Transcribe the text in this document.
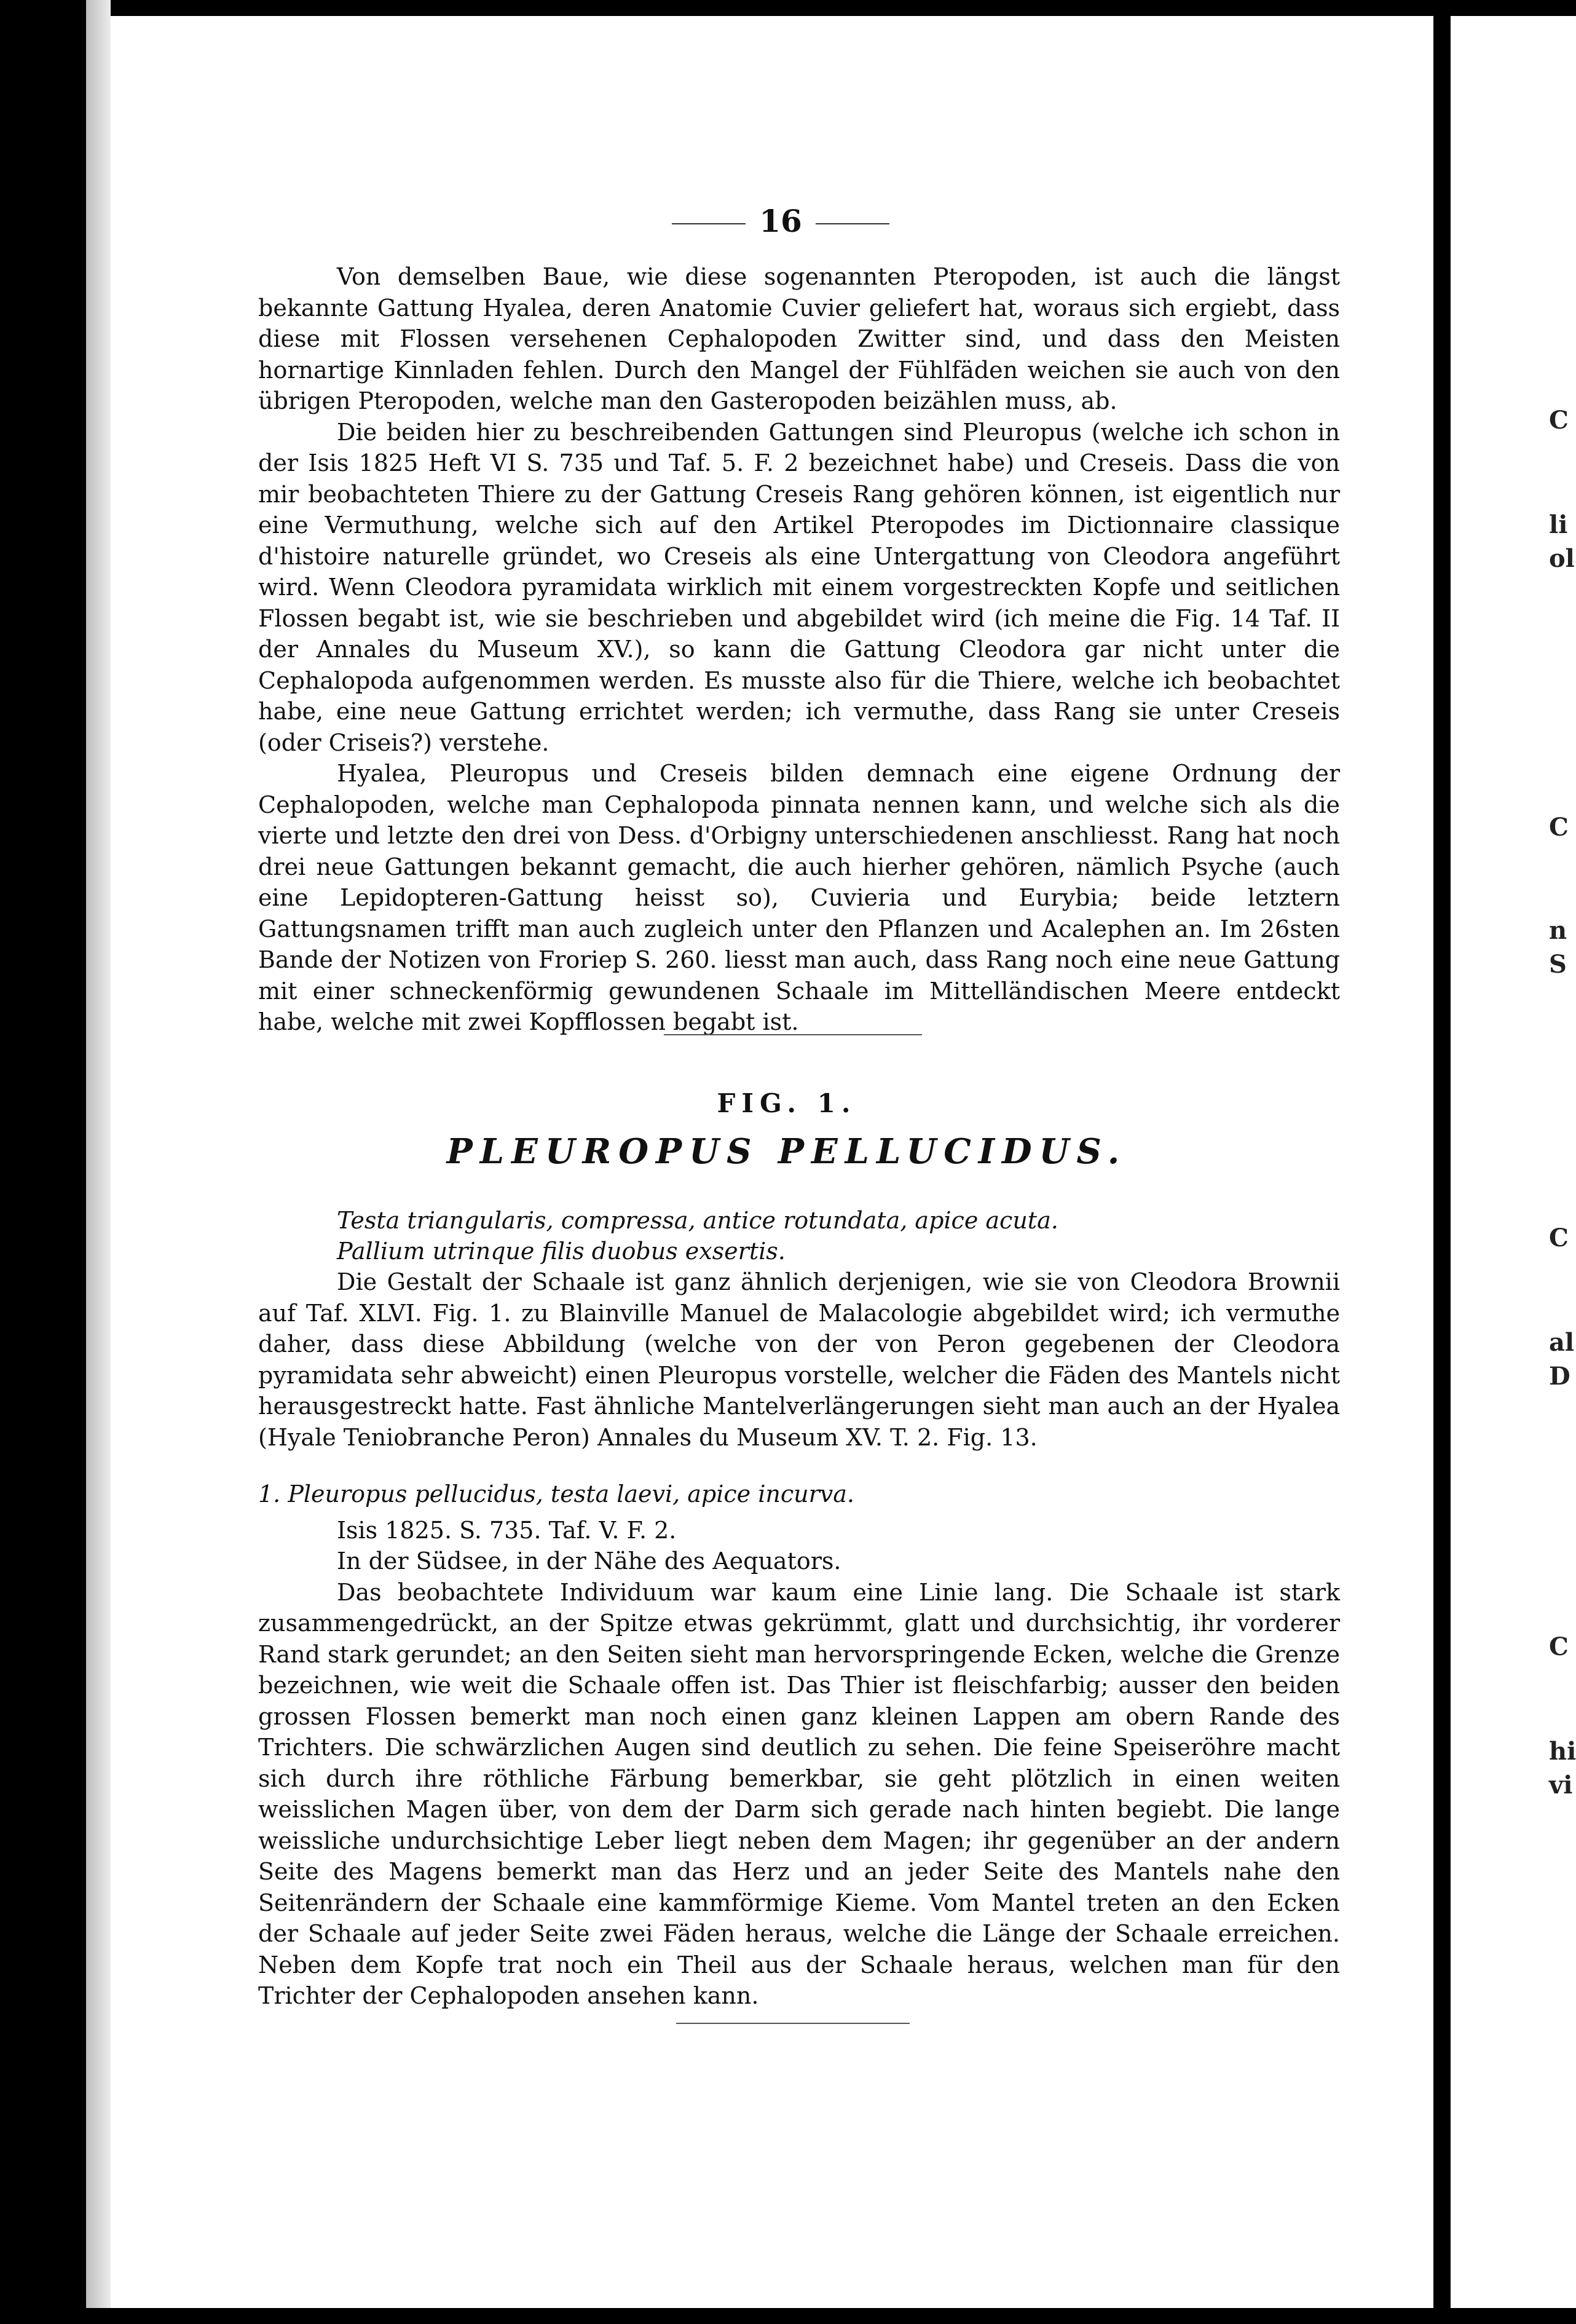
C
li
ol
C
n
S
C
al
D
C
hi
vi
16

Von demselben Baue, wie diese sogenannten Pteropoden, ist auch die längst bekannte Gattung Hyalea, deren Anatomie Cuvier geliefert hat, woraus sich ergiebt, dass diese mit Flossen versehenen Cephalopoden Zwitter sind, und dass den Meisten hornartige Kinnladen fehlen. Durch den Mangel der Fühlfäden weichen sie auch von den übrigen Pteropoden, welche man den Gasteropoden beizählen muss, ab.

Die beiden hier zu beschreibenden Gattungen sind Pleuropus (welche ich schon in der Isis 1825 Heft VI S. 735 und Taf. 5. F. 2 bezeichnet habe) und Creseis. Dass die von mir beobachteten Thiere zu der Gattung Creseis Rang gehören können, ist eigentlich nur eine Vermuthung, welche sich auf den Artikel Pteropodes im Dictionnaire classique d'histoire naturelle gründet, wo Creseis als eine Untergattung von Cleodora angeführt wird. Wenn Cleodora pyramidata wirklich mit einem vorgestreckten Kopfe und seitlichen Flossen begabt ist, wie sie beschrieben und abgebildet wird (ich meine die Fig. 14 Taf. II der Annales du Museum XV.), so kann die Gattung Cleodora gar nicht unter die Cephalopoda aufgenommen werden. Es musste also für die Thiere, welche ich beobachtet habe, eine neue Gattung errichtet werden; ich vermuthe, dass Rang sie unter Creseis (oder Criseis?) verstehe.

Hyalea, Pleuropus und Creseis bilden demnach eine eigene Ordnung der Cephalopoden, welche man Cephalopoda pinnata nennen kann, und welche sich als die vierte und letzte den drei von Dess. d'Orbigny unterschiedenen anschliesst. Rang hat noch drei neue Gattungen bekannt gemacht, die auch hierher gehören, nämlich Psyche (auch eine Lepidopteren-Gattung heisst so), Cuvieria und Eurybia; beide letztern Gattungsnamen trifft man auch zugleich unter den Pflanzen und Acalephen an. Im 26sten Bande der Notizen von Froriep S. 260. liesst man auch, dass Rang noch eine neue Gattung mit einer schneckenförmig gewundenen Schaale im Mittelländischen Meere entdeckt habe, welche mit zwei Kopfflossen begabt ist.

FIG. 1.
PLEUROPUS PELLUCIDUS.
Testa triangularis, compressa, antice rotundata, apice acuta.
Pallium utrinque filis duobus exsertis.

Die Gestalt der Schaale ist ganz ähnlich derjenigen, wie sie von Cleodora Brownii auf Taf. XLVI. Fig. 1. zu Blainville Manuel de Malacologie abgebildet wird; ich vermuthe daher, dass diese Abbildung (welche von der von Peron gegebenen der Cleodora pyramidata sehr abweicht) einen Pleuropus vorstelle, welcher die Fäden des Mantels nicht herausgestreckt hatte. Fast ähnliche Mantelverlängerungen sieht man auch an der Hyalea (Hyale Teniobranche Peron) Annales du Museum XV. T. 2. Fig. 13.

1. Pleuropus pellucidus, testa laevi, apice incurva.

Isis 1825. S. 735. Taf. V. F. 2.

In der Südsee, in der Nähe des Aequators.

Das beobachtete Individuum war kaum eine Linie lang. Die Schaale ist stark zusammengedrückt, an der Spitze etwas gekrümmt, glatt und durchsichtig, ihr vorderer Rand stark gerundet; an den Seiten sieht man hervorspringende Ecken, welche die Grenze bezeichnen, wie weit die Schaale offen ist. Das Thier ist fleischfarbig; ausser den beiden grossen Flossen bemerkt man noch einen ganz kleinen Lappen am obern Rande des Trichters. Die schwärzlichen Augen sind deutlich zu sehen. Die feine Speiseröhre macht sich durch ihre röthliche Färbung bemerkbar, sie geht plötzlich in einen weiten weisslichen Magen über, von dem der Darm sich gerade nach hinten begiebt. Die lange weissliche undurchsichtige Leber liegt neben dem Magen; ihr gegenüber an der andern Seite des Magens bemerkt man das Herz und an jeder Seite des Mantels nahe den Seitenrändern der Schaale eine kammförmige Kieme. Vom Mantel treten an den Ecken der Schaale auf jeder Seite zwei Fäden heraus, welche die Länge der Schaale erreichen. Neben dem Kopfe trat noch ein Theil aus der Schaale heraus, welchen man für den Trichter der Cephalopoden ansehen kann.
